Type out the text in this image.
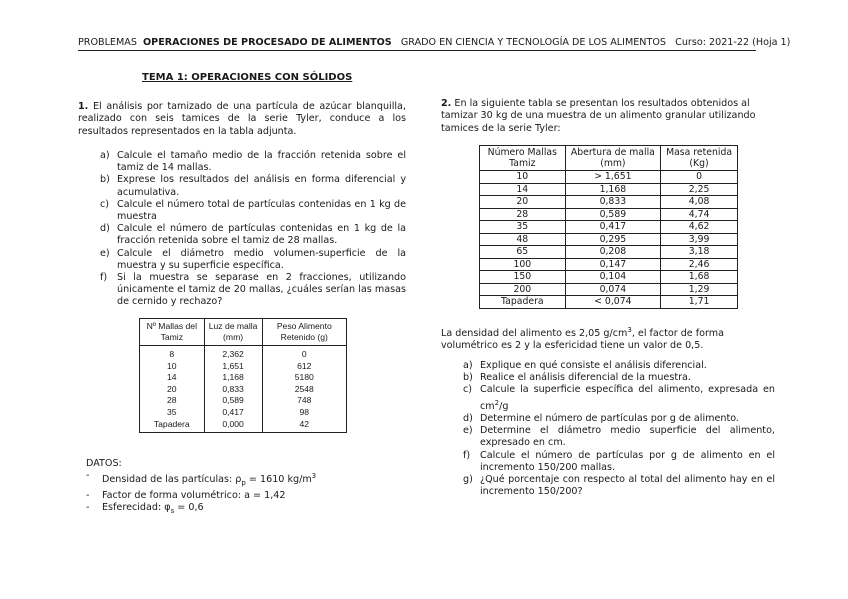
PROBLEMAS OPERACIONES DE PROCESADO DE ALIMENTOS GRADO EN CIENCIA Y TECNOLOGÍA DE LOS ALIMENTOS Curso: 2021-22 (Hoja 1)
TEMA 1: OPERACIONES CON SÓLIDOS
1. El análisis por tamizado de una partícula de azúcar blanquilla, realizado con seis tamices de la serie Tyler, conduce a los resultados representados en la tabla adjunta.
a) Calcule el tamaño medio de la fracción retenida sobre el tamiz de 14 mallas.
b) Exprese los resultados del análisis en forma diferencial y acumulativa.
c) Calcule el número total de partículas contenidas en 1 kg de muestra
d) Calcule el número de partículas contenidas en 1 kg de la fracción retenida sobre el tamiz de 28 mallas.
e) Calcule el diámetro medio volumen-superficie de la muestra y su superficie específica.
f) Si la muestra se separase en 2 fracciones, utilizando únicamente el tamiz de 20 mallas, ¿cuáles serían las masas de cernido y rechazo?
Nº Mallas del Tamiz	Luz de malla (mm)	Peso Alimento Retenido (g)
8	2,362	0
10	1,651	612
14	1,168	5180
20	0,833	2548
28	0,589	748
35	0,417	98
Tapadera	0,000	42
DATOS:
- Densidad de las partículas: $\rho_p = 1610$ $kg/m^3$
- Factor de forma volumétrico: a = 1,42
- Esferecidad: $\varphi_s = 0,6$
2. En la siguiente tabla se presentan los resultados obtenidos al tamizar 30 kg de una muestra de un alimento granular utilizando tamices de la serie Tyler:
Número Mallas Tamiz	Abertura de malla (mm)	Masa retenida (Kg)
10	> 1,651	0
14	1,168	2,25
20	0,833	4,08
28	0,589	4,74
35	0,417	4,62
48	0,295	3,99
65	0,208	3,18
100	0,147	2,46
150	0,104	1,68
200	0,074	1,29
Tapadera	< 0,074	1,71
La densidad del alimento es 2,05 $g/cm^3$, el factor de forma volumétrico es 2 y la esfericidad tiene un valor de 0,5.
a) Explique en qué consiste el análisis diferencial.
b) Realice el análisis diferencial de la muestra.
c) Calcule la superficie específica del alimento, expresada en $cm^2/g$
d) Determine el número de partículas por g de alimento.
e) Determine el diámetro medio superficie del alimento, expresado en cm.
f) Calcule el número de partículas por g de alimento en el incremento 150/200 mallas.
g) ¿Qué porcentaje con respecto al total del alimento hay en el incremento 150/200?
